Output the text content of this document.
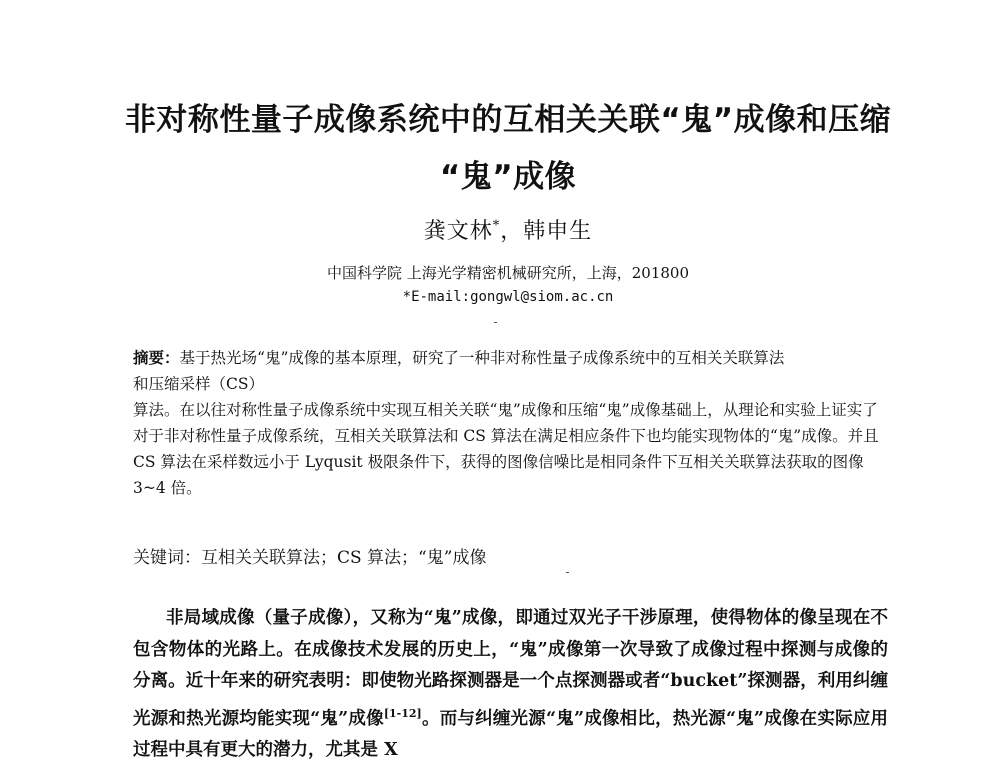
非对称性量子成像系统中的互相关关联“鬼”成像和压缩
“鬼”成像
龚文林*，韩申生
中国科学院 上海光学精密机械研究所，上海，201800
*E-mail:gongwl@siom.ac.cn

摘要：基于热光场“鬼”成像的基本原理，研究了一种非对称性量子成像系统中的互相关关联算法

和压缩采样（CS）

算法。在以往对称性量子成像系统中实现互相关关联“鬼”成像和压缩“鬼”成像基础上，从理论和实验上证实了对于非对称性量子成像系统，互相关关联算法和 CS 算法在满足相应条件下也均能实现物体的“鬼”成像。并且 CS 算法在采样数远小于 Lyqusit 极限条件下，获得的图像信噪比是相同条件下互相关关联算法获取的图像 3~4 倍。

关键词：互相关关联算法；CS 算法；“鬼”成像

非局域成像（量子成像），又称为“鬼”成像，即通过双光子干涉原理，使得物体的像呈现在不包含物体的光路上。在成像技术发展的历史上，“鬼”成像第一次导致了成像过程中探测与成像的分离。近十年来的研究表明：即使物光路探测器是一个点探测器或者“bucket”探测器，利用纠缠光源和热光源均能实现“鬼”成像[1-12]。而与纠缠光源“鬼”成像相比，热光源“鬼”成像在实际应用过程中具有更大的潜力，尤其是 X
